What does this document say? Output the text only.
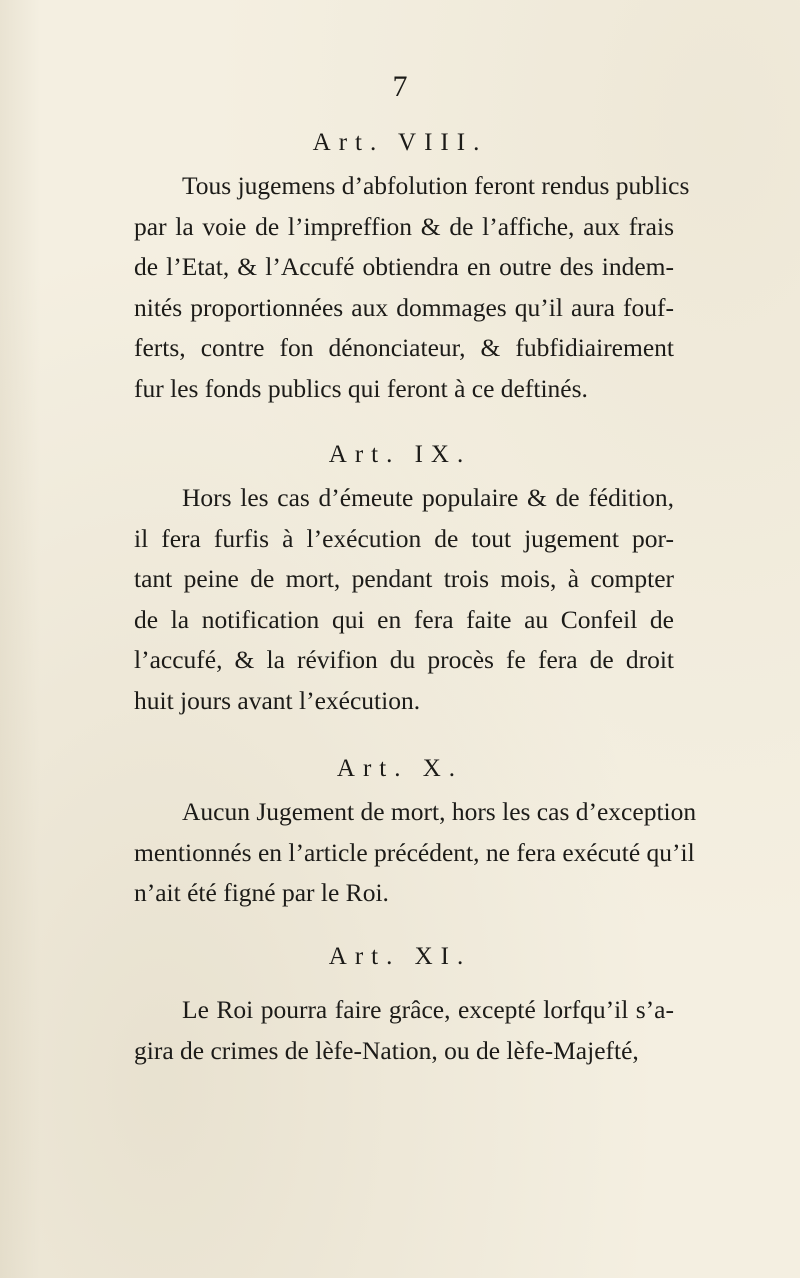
7
Art. VIII.
Tous jugemens d’abfolution feront rendus publics
par la voie de l’impreffion & de l’affiche, aux frais
de l’Etat, & l’Accufé obtiendra en outre des indem-
nités proportionnées aux dommages qu’il aura fouf-
ferts, contre fon dénonciateur, & fubfidiairement
fur les fonds publics qui feront à ce deftinés.
Art. IX.
Hors les cas d’émeute populaire & de fédition,
il fera furfis à l’exécution de tout jugement por-
tant peine de mort, pendant trois mois, à compter
de la notification qui en fera faite au Confeil de
l’accufé, & la révifion du procès fe fera de droit
huit jours avant l’exécution.
Art. X.
Aucun Jugement de mort, hors les cas d’exception
mentionnés en l’article précédent, ne fera exécuté qu’il
n’ait été figné par le Roi.
Art. XI.
Le Roi pourra faire grâce, excepté lorfqu’il s’a-
gira de crimes de lèfe-Nation, ou de lèfe-Majefté,
